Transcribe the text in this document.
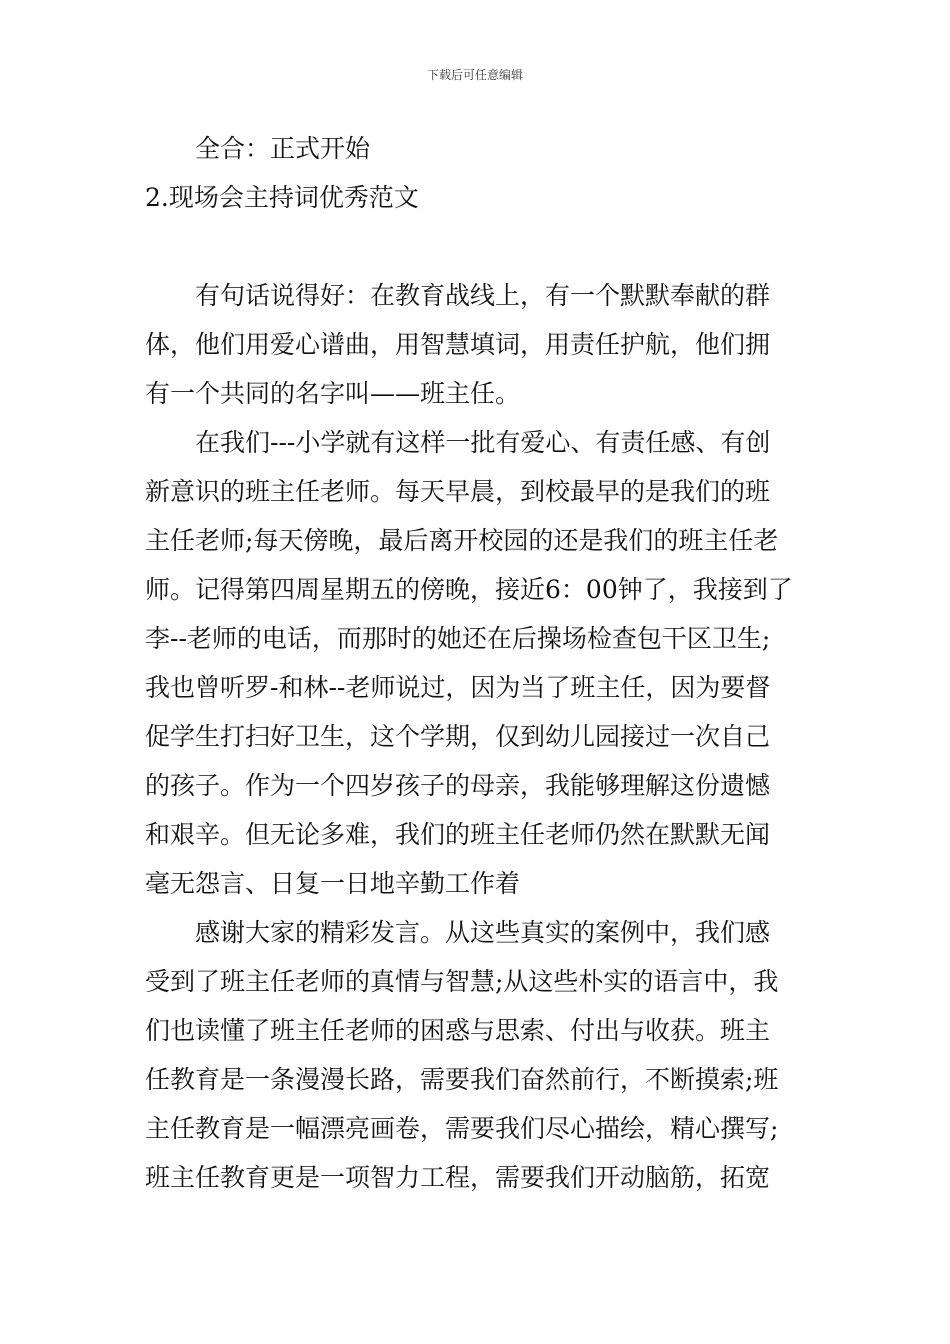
下载后可任意编辑
全合：正式开始
2.现场会主持词优秀范文
有句话说得好：在教育战线上，有一个默默奉献的群
体，他们用爱心谱曲，用智慧填词，用责任护航，他们拥
有一个共同的名字叫——班主任。
在我们---小学就有这样一批有爱心、有责任感、有创
新意识的班主任老师。每天早晨，到校最早的是我们的班
主任老师;每天傍晚，最后离开校园的还是我们的班主任老
师。记得第四周星期五的傍晚，接近6：00钟了，我接到了
李--老师的电话，而那时的她还在后操场检查包干区卫生;
我也曾听罗-和林--老师说过，因为当了班主任，因为要督
促学生打扫好卫生，这个学期，仅到幼儿园接过一次自己
的孩子。作为一个四岁孩子的母亲，我能够理解这份遗憾
和艰辛。但无论多难，我们的班主任老师仍然在默默无闻
毫无怨言、日复一日地辛勤工作着
感谢大家的精彩发言。从这些真实的案例中，我们感
受到了班主任老师的真情与智慧;从这些朴实的语言中，我
们也读懂了班主任老师的困惑与思索、付出与收获。班主
任教育是一条漫漫长路，需要我们奋然前行，不断摸索;班
主任教育是一幅漂亮画卷，需要我们尽心描绘，精心撰写;
班主任教育更是一项智力工程，需要我们开动脑筋，拓宽
